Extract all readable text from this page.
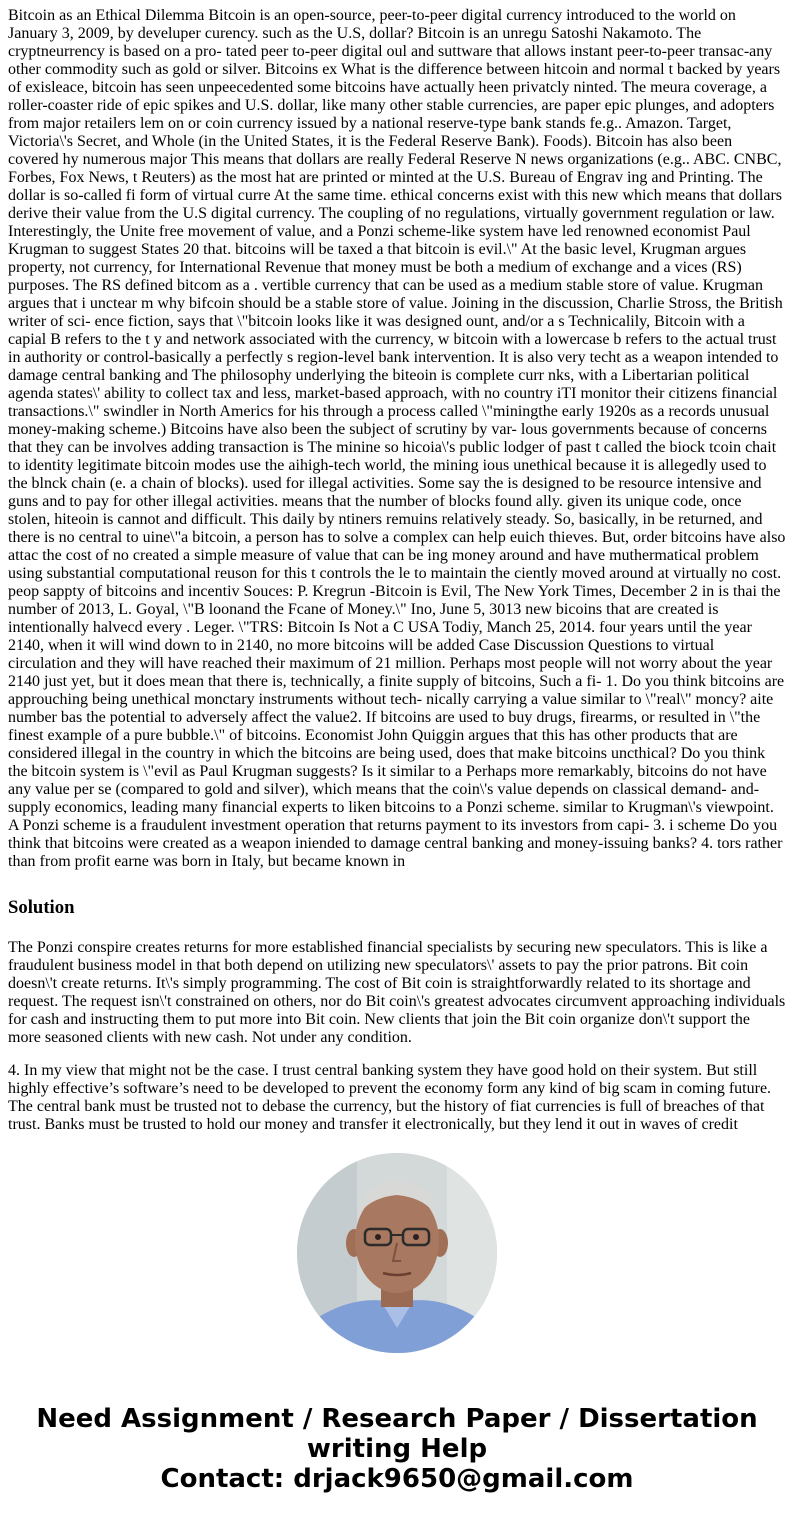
Bitcoin as an Ethical Dilemma Bitcoin is an open-source, peer-to-peer digital currency introduced to the world on January 3, 2009, by develuper curency. such as the U.S, dollar? Bitcoin is an unregu Satoshi Nakamoto. The cryptneurrency is based on a pro- tated peer to-peer digital oul and suttware that allows instant peer-to-peer transac-any other commodity such as gold or silver. Bitcoins ex What is the difference between hitcoin and normal t backed by years of exisleace, bitcoin has seen unpeecedented some bitcoins have actually heen privatcly ninted. The meura coverage, a roller-coaster ride of epic spikes and U.S. dollar, like many other stable currencies, are paper epic plunges, and adopters from major retailers lem on or coin currency issued by a national reserve-type bank stands fe.g.. Amazon. Target, Victoria\'s Secret, and Whole (in the United States, it is the Federal Reserve Bank). Foods). Bitcoin has also been covered hy numerous major This means that dollars are really Federal Reserve N news organizations (e.g.. ABC. CNBC, Forbes, Fox News, t Reuters) as the most hat are printed or minted at the U.S. Bureau of Engrav ing and Printing. The dollar is so-called fi form of virtual curre At the same time. ethical concerns exist with this new which means that dollars derive their value from the U.S digital currency. The coupling of no regulations, virtually government regulation or law. Interestingly, the Unite free movement of value, and a Ponzi scheme-like system have led renowned economist Paul Krugman to suggest States 20 that. bitcoins will be taxed a that bitcoin is evil.\" At the basic level, Krugman argues property, not currency, for International Revenue that money must be both a medium of exchange and a vices (RS) purposes. The RS defined bitcom as a . vertible currency that can be used as a medium stable store of value. Krugman argues that i unctear m why bifcoin should be a stable store of value. Joining in the discussion, Charlie Stross, the British writer of sci- ence fiction, says that \"bitcoin looks like it was designed ount, and/or a s Technicalily, Bitcoin with a capial B refers to the t y and network associated with the currency, w bitcoin with a lowercase b refers to the actual trust in authority or control-basically a perfectly s region-level bank intervention. It is also very techt as a weapon intended to damage central banking and The philosophy underlying the biteoin is complete curr nks, with a Libertarian political agenda states\' ability to collect tax and less, market-based approach, with no country iTI monitor their citizens financial transactions.\" swindler in North Americs for his through a process called \"miningthe early 1920s as a records unusual money-making scheme.) Bitcoins have also been the subject of scrutiny by var- lous governments because of concerns that they can be involves adding transaction is The minine so hicoia\'s public lodger of past t called the biock tcoin chait to identity legitimate bitcoin modes use the aihigh-tech world, the mining ious unethical because it is allegedly used to the blnck chain (e. a chain of blocks). used for illegal activities. Some say the is designed to be resource intensive and guns and to pay for other illegal activities. means that the number of blocks found ally. given its unique code, once stolen, hiteoin is cannot and difficult. This daily by ntiners remuins relatively steady. So, basically, in be returned, and there is no central to uine\"a bitcoin, a person has to solve a complex can help euich thieves. But, order bitcoins have also attac the cost of no created a simple measure of value that can be ing money around and have muthermatical problem using substantial computational reuson for this t controls the le to maintain the ciently moved around at virtually no cost. peop sappty of bitcoins and incentiv Souces: P. Kregrun -Bitcoin is Evil, The New York Times, December 2 in is thai the number of 2013, L. Goyal, \"B loonand the Fcane of Money.\" Ino, June 5, 3013 new bicoins that are created is intentionally halvecd every . Leger. \"TRS: Bitcoin Is Not a C USA Todiy, Manch 25, 2014. four years until the year 2140, when it will wind down to in 2140, no more bitcoins will be added Case Discussion Questions to virtual circulation and they will have reached their maximum of 21 million. Perhaps most people will not worry about the year 2140 just yet, but it does mean that there is, technically, a finite supply of bitcoins, Such a fi- 1. Do you think bitcoins are approuching being unethical monctary instruments without tech- nically carrying a value similar to \"real\" moncy? aite number bas the potential to adversely affect the value2. If bitcoins are used to buy drugs, firearms, or resulted in \"the finest example of a pure bubble.\" of bitcoins. Economist John Quiggin argues that this has other products that are considered illegal in the country in which the bitcoins are being used, does that make bitcoins uncthical? Do you think the bitcoin system is \"evil as Paul Krugman suggests? Is it similar to a Perhaps more remarkably, bitcoins do not have any value per se (compared to gold and silver), which means that the coin\'s value depends on classical demand- and-supply economics, leading many financial experts to liken bitcoins to a Ponzi scheme. similar to Krugman\'s viewpoint. A Ponzi scheme is a fraudulent investment operation that returns payment to its investors from capi- 3. i scheme Do you think that bitcoins were created as a weapon iniended to damage central banking and money-issuing banks? 4. tors rather than from profit earne was born in Italy, but became known in

Solution

The Ponzi conspire creates returns for more established financial specialists by securing new speculators. This is like a fraudulent business model in that both depend on utilizing new speculators\' assets to pay the prior patrons. Bit coin doesn\'t create returns. It\'s simply programming. The cost of Bit coin is straightforwardly related to its shortage and request. The request isn\'t constrained on others, nor do Bit coin\'s greatest advocates circumvent approaching individuals for cash and instructing them to put more into Bit coin. New clients that join the Bit coin organize don\'t support the more seasoned clients with new cash. Not under any condition.

4. In my view that might not be the case. I trust central banking system they have good hold on their system. But still highly effective’s software’s need to be developed to prevent the economy form any kind of big scam in coming future. The central bank must be trusted not to debase the currency, but the history of fiat currencies is full of breaches of that trust. Banks must be trusted to hold our money and transfer it electronically, but they lend it out in waves of credit

Need Assignment / Research Paper / Dissertation
writing Help
Contact: drjack9650@gmail.com
